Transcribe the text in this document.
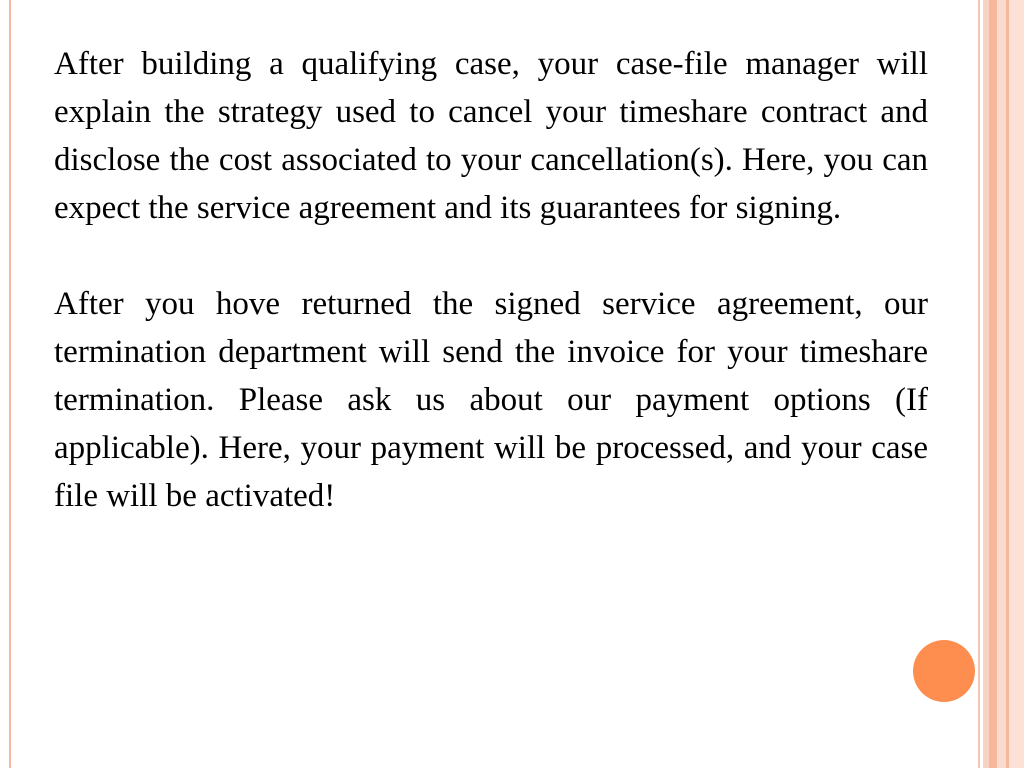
After building a qualifying case, your case-file manager will explain the strategy used to cancel your timeshare contract and disclose the cost associated to your cancellation(s). Here, you can expect the service agreement and its guarantees for signing.

After you hove returned the signed service agreement, our termination department will send the invoice for your timeshare termination. Please ask us about our payment options (If applicable). Here, your payment will be processed, and your case file will be activated!
